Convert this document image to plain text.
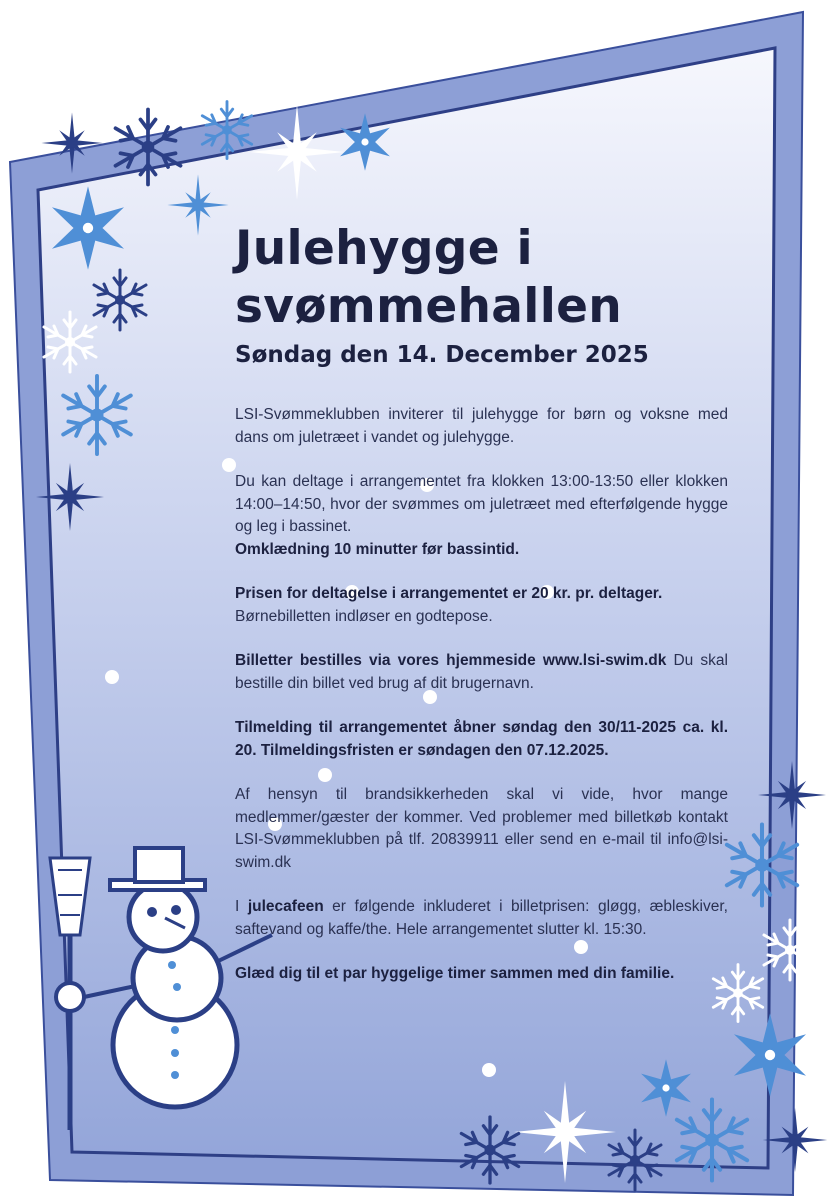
Julehygge i
svømmehallen
Søndag den 14. December 2025

LSI-Svømmeklubben inviterer til julehygge for børn og voksne med dans om juletræet i vandet og julehygge.

Du kan deltage i arrangementet fra klokken 13:00-13:50 eller klokken 14:00–14:50, hvor der svømmes om juletræet med efterfølgende hygge og leg i bassinet.
Omklædning 10 minutter før bassintid.

Prisen for deltagelse i arrangementet er 20 kr. pr. deltager.
Børnebilletten indløser en godtepose.

Billetter bestilles via vores hjemmeside www.lsi-swim.dk Du skal bestille din billet ved brug af dit brugernavn.

Tilmelding til arrangementet åbner søndag den 30/11-2025 ca. kl. 20. Tilmeldingsfristen er søndagen den 07.12.2025.

Af hensyn til brandsikkerheden skal vi vide, hvor mange medlemmer/gæster der kommer. Ved problemer med billetkøb kontakt LSI-Svømmeklubben på tlf. 20839911 eller send en e-mail til info@lsi-swim.dk

I julecafeen er følgende inkluderet i billetprisen: gløgg, æbleskiver, saftevand og kaffe/the. Hele arrangementet slutter kl. 15:30.

Glæd dig til et par hyggelige timer sammen med din familie.
